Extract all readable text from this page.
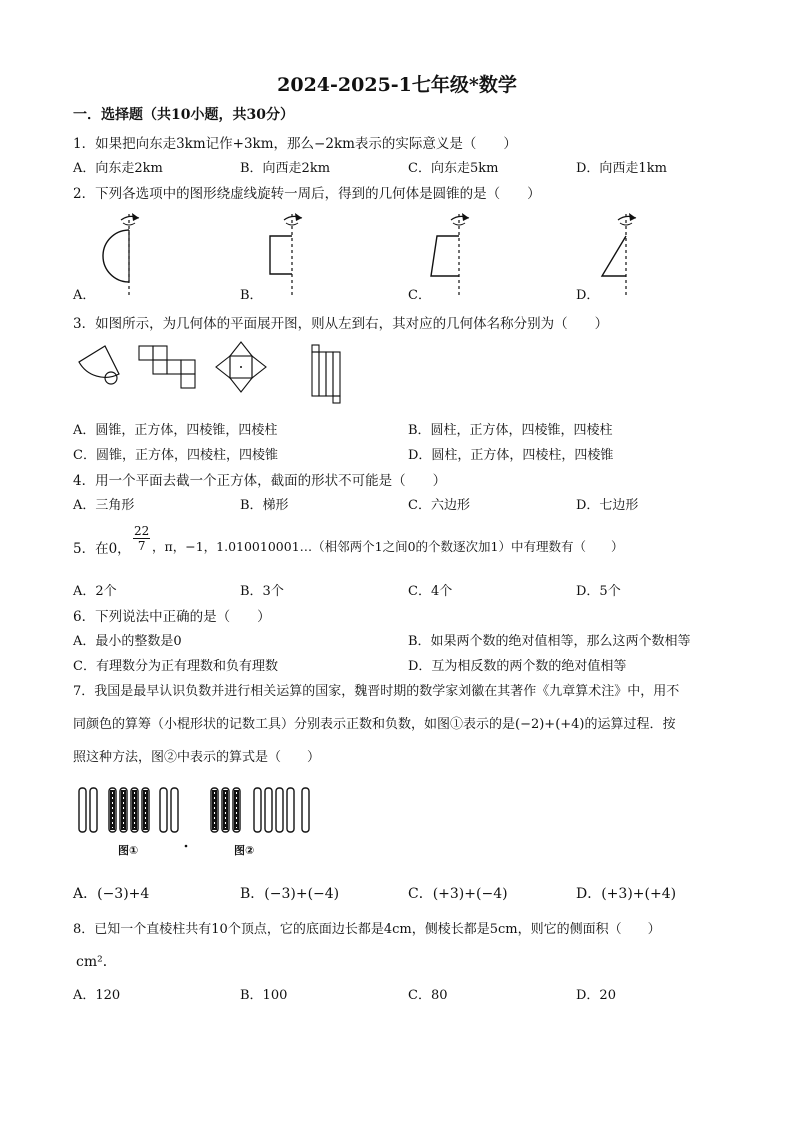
2024-2025-1七年级*数学
一．选择题（共10小题，共30分）
1．如果把向东走3km记作+3km，那么−2km表示的实际意义是（　　）
A．向东走2km	B．向西走2km	C．向东走5km	D．向西走1km
2．下列各选项中的图形绕虚线旋转一周后，得到的几何体是圆锥的是（　　）
A．	B．	C．	D．
3．如图所示，为几何体的平面展开图，则从左到右，其对应的几何体名称分别为（　　）
A．圆锥，正方体，四棱锥，四棱柱	B．圆柱，正方体，四棱锥，四棱柱
C．圆锥，正方体，四棱柱，四棱锥	D．圆柱，正方体，四棱柱，四棱锥
4．用一个平面去截一个正方体，截面的形状不可能是（　　）
A．三角形	B．梯形	C．六边形	D．七边形
5．在0， $\frac{22}{7}$ ，π，−1，1.010010001…（相邻两个1之间0的个数逐次加1）中有理数有（　　）
A．2个	B．3个	C．4个	D．5个
6．下列说法中正确的是（　　）
A．最小的整数是0	B．如果两个数的绝对值相等，那么这两个数相等
C．有理数分为正有理数和负有理数	D．互为相反数的两个数的绝对值相等
7．我国是最早认识负数并进行相关运算的国家，魏晋时期的数学家刘徽在其著作《九章算术注》中，用不
同颜色的算筹（小棍形状的记数工具）分别表示正数和负数，如图①表示的是(−2)+(+4)的运算过程．按
照这种方法，图②中表示的算式是（　　）
图①	图②
A．(−3)+4	B．(−3)+(−4)	C．(+3)+(−4)	D．(+3)+(+4)
8．已知一个直棱柱共有10个顶点，它的底面边长都是4cm，侧棱长都是5cm，则它的侧面积（　　）
cm²．
A．120	B．100	C．80	D．20
